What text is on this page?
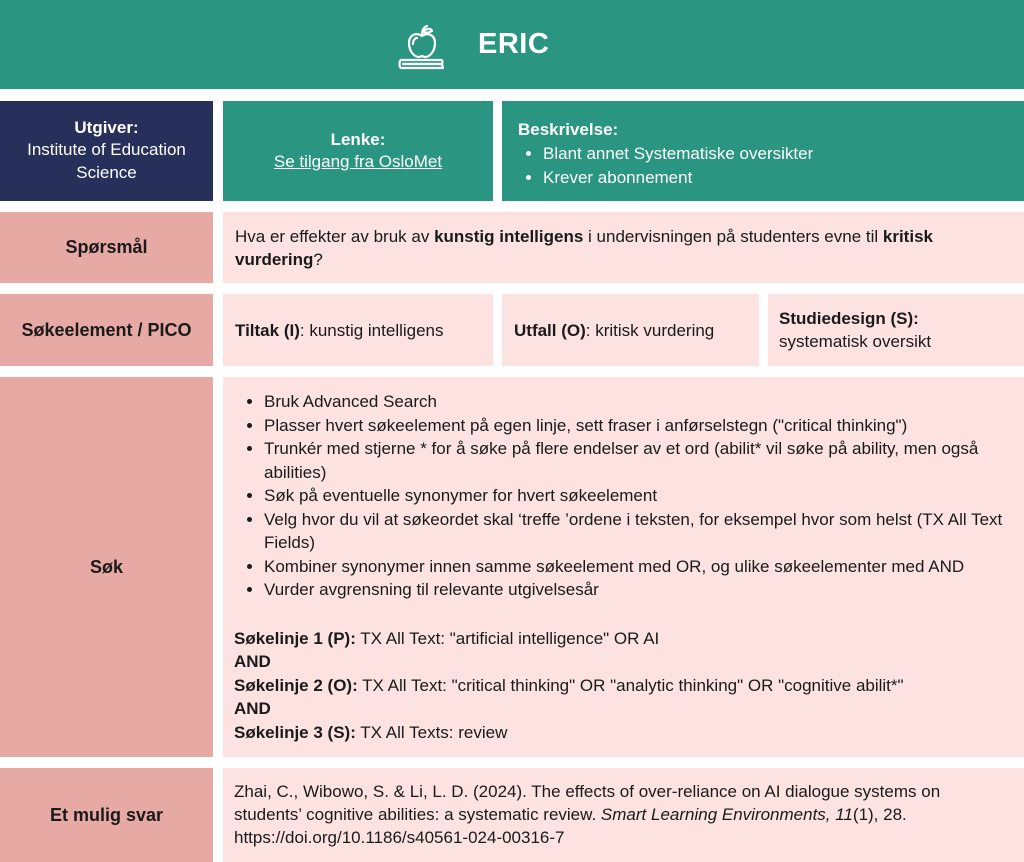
ERIC
Utgiver:
Institute of Education
Science
Lenke:
Se tilgang fra OsloMet
Beskrivelse:
• Blant annet Systematiske oversikter
• Krever abonnement
Spørsmål
Hva er effekter av bruk av kunstig intelligens i undervisningen på studenters evne til kritisk
vurdering?
Søkeelement / PICO	Tiltak (I): kunstig intelligens	Utfall (O): kritisk vurdering
Studiedesign (S):
systematisk oversikt
Søk
• Bruk Advanced Search
• Plasser hvert søkeelement på egen linje, sett fraser i anførselstegn ("critical thinking")
• Trunkér med stjerne * for å søke på flere endelser av et ord (abilit* vil søke på ability, men også abilities)
• Søk på eventuelle synonymer for hvert søkeelement
• Velg hvor du vil at søkeordet skal ‘treffe ’ordene i teksten, for eksempel hvor som helst (TX All Text Fields)
• Kombiner synonymer innen samme søkeelement med OR, og ulike søkeelementer med AND
• Vurder avgrensning til relevante utgivelsesår
Søkelinje 1 (P): TX All Text: "artificial intelligence" OR AI
AND
Søkelinje 2 (O): TX All Text: "critical thinking" OR "analytic thinking" OR "cognitive abilit*"
AND
Søkelinje 3 (S): TX All Texts: review
Et mulig svar
Zhai, C., Wibowo, S. & Li, L. D. (2024). The effects of over-reliance on AI dialogue systems on students’ cognitive abilities: a systematic review. Smart Learning Environments, 11(1), 28.
https://doi.org/10.1186/s40561-024-00316-7
